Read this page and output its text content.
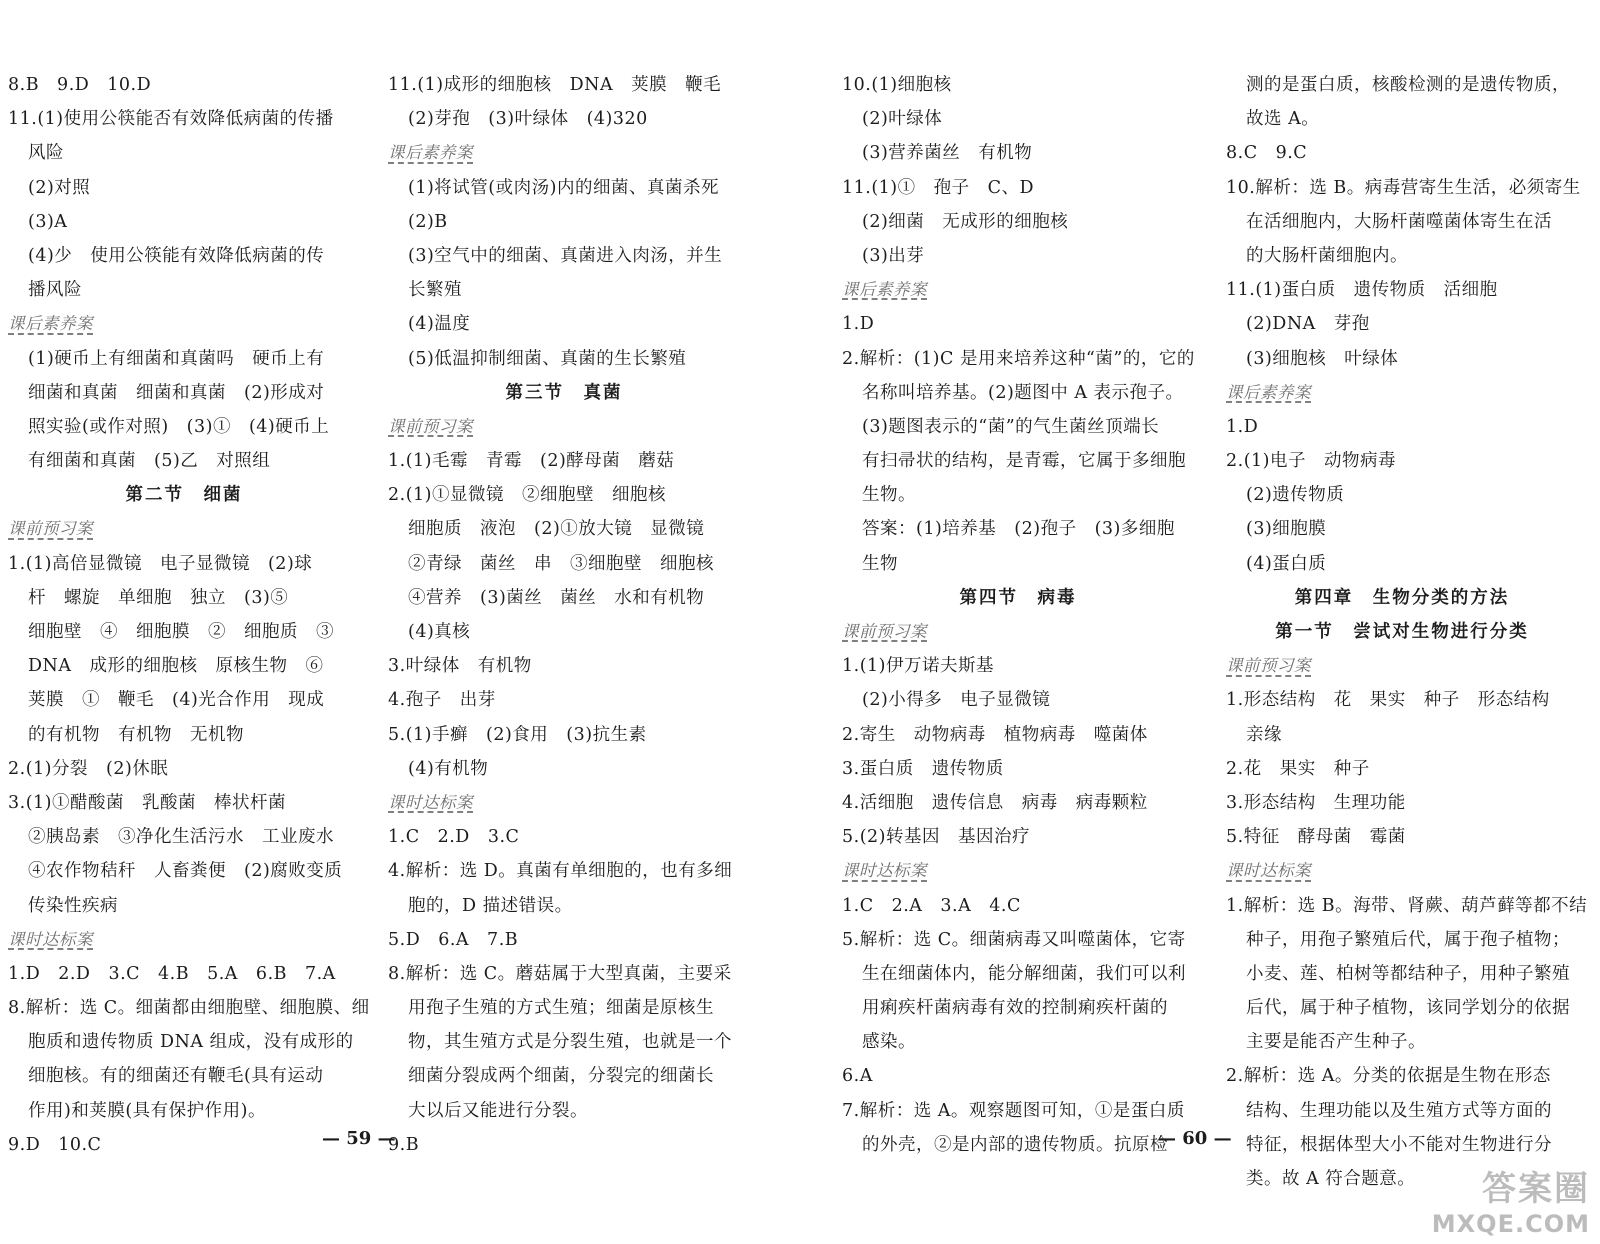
8.B　9.D　10.D
11.(1)使用公筷能否有效降低病菌的传播
风险
(2)对照
(3)A
(4)少　使用公筷能有效降低病菌的传
播风险
课后素养案
(1)硬币上有细菌和真菌吗　硬币上有
细菌和真菌　细菌和真菌　(2)形成对
照实验(或作对照)　(3)①　(4)硬币上
有细菌和真菌　(5)乙　对照组
第二节　细菌
课前预习案
1.(1)高倍显微镜　电子显微镜　(2)球
杆　螺旋　单细胞　独立　(3)⑤
细胞壁　④　细胞膜　②　细胞质　③
DNA　成形的细胞核　原核生物　⑥
荚膜　①　鞭毛　(4)光合作用　现成
的有机物　有机物　无机物
2.(1)分裂　(2)休眠
3.(1)①醋酸菌　乳酸菌　棒状杆菌
②胰岛素　③净化生活污水　工业废水
④农作物秸秆　人畜粪便　(2)腐败变质
传染性疾病
课时达标案
1.D　2.D　3.C　4.B　5.A　6.B　7.A
8.解析：选 C。细菌都由细胞壁、细胞膜、细
胞质和遗传物质 DNA 组成，没有成形的
细胞核。有的细菌还有鞭毛(具有运动
作用)和荚膜(具有保护作用)。
9.D　10.C
11.(1)成形的细胞核　DNA　荚膜　鞭毛
(2)芽孢　(3)叶绿体　(4)320
课后素养案
(1)将试管(或肉汤)内的细菌、真菌杀死
(2)B
(3)空气中的细菌、真菌进入肉汤，并生
长繁殖
(4)温度
(5)低温抑制细菌、真菌的生长繁殖
第三节　真菌
课前预习案
1.(1)毛霉　青霉　(2)酵母菌　蘑菇
2.(1)①显微镜　②细胞壁　细胞核
细胞质　液泡　(2)①放大镜　显微镜
②青绿　菌丝　串　③细胞壁　细胞核
④营养　(3)菌丝　菌丝　水和有机物
(4)真核
3.叶绿体　有机物
4.孢子　出芽
5.(1)手癣　(2)食用　(3)抗生素
(4)有机物
课时达标案
1.C　2.D　3.C
4.解析：选 D。真菌有单细胞的，也有多细
胞的，D 描述错误。
5.D　6.A　7.B
8.解析：选 C。蘑菇属于大型真菌，主要采
用孢子生殖的方式生殖；细菌是原核生
物，其生殖方式是分裂生殖，也就是一个
细菌分裂成两个细菌，分裂完的细菌长
大以后又能进行分裂。
9.B
10.(1)细胞核
(2)叶绿体
(3)营养菌丝　有机物
11.(1)①　孢子　C、D
(2)细菌　无成形的细胞核
(3)出芽
课后素养案
1.D
2.解析：(1)C 是用来培养这种“菌”的，它的
名称叫培养基。(2)题图中 A 表示孢子。
(3)题图表示的“菌”的气生菌丝顶端长
有扫帚状的结构，是青霉，它属于多细胞
生物。
答案：(1)培养基　(2)孢子　(3)多细胞
生物
第四节　病毒
课前预习案
1.(1)伊万诺夫斯基
(2)小得多　电子显微镜
2.寄生　动物病毒　植物病毒　噬菌体
3.蛋白质　遗传物质
4.活细胞　遗传信息　病毒　病毒颗粒
5.(2)转基因　基因治疗
课时达标案
1.C　2.A　3.A　4.C
5.解析：选 C。细菌病毒又叫噬菌体，它寄
生在细菌体内，能分解细菌，我们可以利
用痢疾杆菌病毒有效的控制痢疾杆菌的
感染。
6.A
7.解析：选 A。观察题图可知，①是蛋白质
的外壳，②是内部的遗传物质。抗原检
测的是蛋白质，核酸检测的是遗传物质，
故选 A。
8.C　9.C
10.解析：选 B。病毒营寄生生活，必须寄生
在活细胞内，大肠杆菌噬菌体寄生在活
的大肠杆菌细胞内。
11.(1)蛋白质　遗传物质　活细胞
(2)DNA　芽孢
(3)细胞核　叶绿体
课后素养案
1.D
2.(1)电子　动物病毒
(2)遗传物质
(3)细胞膜
(4)蛋白质
第四章　生物分类的方法
第一节　尝试对生物进行分类
课前预习案
1.形态结构　花　果实　种子　形态结构
亲缘
2.花　果实　种子
3.形态结构　生理功能
5.特征　酵母菌　霉菌
课时达标案
1.解析：选 B。海带、肾蕨、葫芦藓等都不结
种子，用孢子繁殖后代，属于孢子植物；
小麦、莲、柏树等都结种子，用种子繁殖
后代，属于种子植物，该同学划分的依据
主要是能否产生种子。
2.解析：选 A。分类的依据是生物在形态
结构、生理功能以及生殖方式等方面的
特征，根据体型大小不能对生物进行分
类。故 A 符合题意。
— 59 —	— 60 —
答案圈
MXQE.COM
